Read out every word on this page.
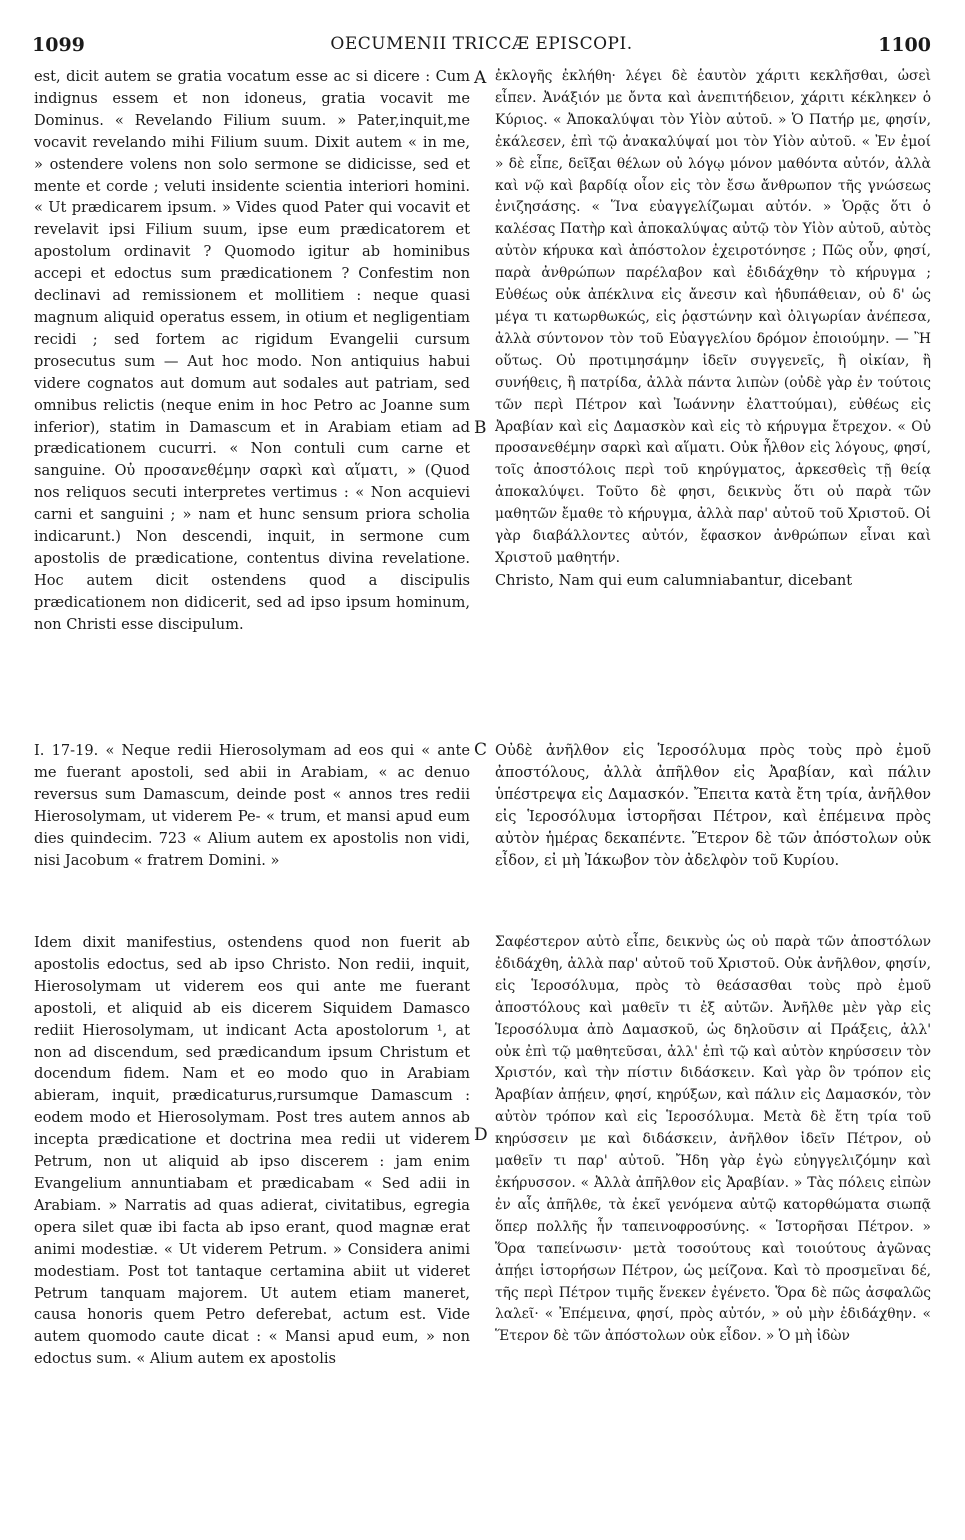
1099	OECUMENII TRICCÆ EPISCOPI.	1100
A
B
C
D

est, dicit autem se gratia vocatum esse ac si dicere : Cum indignus essem et non idoneus, gratia vocavit me Dominus. « Revelando Filium suum. » Pater,inquit,me vocavit revelando mihi Filium suum. Dixit autem « in me, » ostendere volens non solo sermone se didicisse, sed et mente et corde ; veluti insidente scientia interiori homini. « Ut prædicarem ipsum. » Vides quod Pater qui vocavit et revelavit ipsi Filium suum, ipse eum prædicatorem et apostolum ordinavit ? Quomodo igitur ab hominibus accepi et edoctus sum prædicationem ? Confestim non declinavi ad remissionem et mollitiem : neque quasi magnum aliquid operatus essem, in otium et negligentiam recidi ; sed fortem ac rigidum Evangelii cursum prosecutus sum — Aut hoc modo. Non antiquius habui videre cognatos aut domum aut sodales aut patriam, sed omnibus relictis (neque enim in hoc Petro ac Joanne sum inferior), statim in Damascum et in Arabiam etiam ad prædicationem cucurri. « Non contuli cum carne et sanguine. Οὐ προσανεθέμην σαρκὶ καὶ αἵματι, » (Quod nos reliquos secuti interpretes vertimus : « Non acquievi carni et sanguini ; » nam et hunc sensum priora scholia indicarunt.) Non descendi, inquit, in sermone cum apostolis de prædicatione, contentus divina revelatione. Hoc autem dicit ostendens quod a discipulis prædicationem non didicerit, sed ad ipso ipsum hominum, non Christi esse discipulum.

ἐκλογῆς ἐκλήθη· λέγει δὲ ἑαυτὸν χάριτι κεκλῆσθαι, ὡσεὶ εἶπεν. Ἀνάξιόν με ὄντα καὶ ἀνεπιτήδειον, χάριτι κέκληκεν ὁ Κύριος. « Ἀποκαλύψαι τὸν Υἱὸν αὐτοῦ. » Ὁ Πατήρ με, φησίν, ἐκάλεσεν, ἐπὶ τῷ ἀνακαλύψαί μοι τὸν Υἱὸν αὐτοῦ. « Ἐν ἐμοί » δὲ εἶπε, δεῖξαι θέλων οὐ λόγῳ μόνον μαθόντα αὐτόν, ἀλλὰ καὶ νῷ καὶ βαρδίᾳ οἷον εἰς τὸν ἔσω ἄνθρωπον τῆς γνώσεως ἐνιζησάσης. « Ἵνα εὐαγγελίζωμαι αὐτόν. » Ὁρᾷς ὅτι ὁ καλέσας Πατὴρ καὶ ἀποκαλύψας αὐτῷ τὸν Υἱὸν αὐτοῦ, αὐτὸς αὐτὸν κήρυκα καὶ ἀπόστολον ἐχειροτόνησε ; Πῶς οὖν, φησί, παρὰ ἀνθρώπων παρέλαβον καὶ ἐδιδάχθην τὸ κήρυγμα ; Εὐθέως οὐκ ἀπέκλινα εἰς ἄνεσιν καὶ ἡδυπάθειαν, οὐ δ' ὡς μέγα τι κατωρθωκώς, εἰς ῥᾳστώνην καὶ ὀλιγωρίαν ἀνέπεσα, ἀλλὰ σύντονον τὸν τοῦ Εὐαγγελίου δρόμον ἐποιούμην. — Ἢ οὕτως. Οὐ προτιμησάμην ἰδεῖν συγγενεῖς, ἢ οἰκίαν, ἢ συνήθεις, ἢ πατρίδα, ἀλλὰ πάντα λιπὼν (οὐδὲ γὰρ ἐν τούτοις τῶν περὶ Πέτρον καὶ Ἰωάννην ἐλαττούμαι), εὐθέως εἰς Ἀραβίαν καὶ εἰς Δαμασκὸν καὶ εἰς τὸ κήρυγμα ἔτρεχον. « Οὐ προσανεθέμην σαρκὶ καὶ αἵματι. Οὐκ ἦλθον εἰς λόγους, φησί, τοῖς ἀποστόλοις περὶ τοῦ κηρύγματος, ἀρκεσθεὶς τῇ θείᾳ ἀποκαλύψει. Τοῦτο δὲ φησι, δεικνὺς ὅτι οὐ παρὰ τῶν μαθητῶν ἔμαθε τὸ κήρυγμα, ἀλλὰ παρ' αὐτοῦ τοῦ Χριστοῦ. Οἱ γὰρ διαβάλλοντες αὐτόν, ἔφασκον ἀνθρώπων εἶναι καὶ Χριστοῦ μαθητήν.

Christo, Nam qui eum calumniabantur, dicebant

I. 17-19. « Neque redii Hierosolymam ad eos qui « ante me fuerant apostoli, sed abii in Arabiam, « ac denuo reversus sum Damascum, deinde post « annos tres redii Hierosolymam, ut viderem Pe- « trum, et mansi apud eum dies quindecim. 723 « Alium autem ex apostolis non vidi, nisi Jacobum « fratrem Domini. »

Οὐδὲ ἀνῆλθον εἰς Ἱεροσόλυμα πρὸς τοὺς πρὸ ἐμοῦ ἀποστόλους, ἀλλὰ ἀπῆλθον εἰς Ἀραβίαν, καὶ πάλιν ὑπέστρεψα εἰς Δαμασκόν. Ἔπειτα κατὰ ἔτη τρία, ἀνῆλθον εἰς Ἱεροσόλυμα ἱστορῆσαι Πέτρον, καὶ ἐπέμεινα πρὸς αὐτὸν ἡμέρας δεκαπέντε. Ἕτερον δὲ τῶν ἀπόστολων οὐκ εἶδον, εἰ μὴ Ἰάκωβον τὸν ἀδελφὸν τοῦ Κυρίου.

Idem dixit manifestius, ostendens quod non fuerit ab apostolis edoctus, sed ab ipso Christo. Non redii, inquit, Hierosolymam ut viderem eos qui ante me fuerant apostoli, et aliquid ab eis dicerem Siquidem Damasco rediit Hierosolymam, ut indicant Acta apostolorum ¹, at non ad discendum, sed prædicandum ipsum Christum et docendum fidem. Nam et eo modo quo in Arabiam abieram, inquit, prædicaturus,rursumque Damascum : eodem modo et Hierosolymam. Post tres autem annos ab incepta prædicatione et doctrina mea redii ut viderem Petrum, non ut aliquid ab ipso discerem : jam enim Evangelium annuntiabam et prædicabam « Sed adii in Arabiam. » Narratis ad quas adierat, civitatibus, egregia opera silet quæ ibi facta ab ipso erant, quod magnæ erat animi modestiæ. « Ut viderem Petrum. » Considera animi modestiam. Post tot tantaque certamina abiit ut videret Petrum tanquam majorem. Ut autem etiam maneret, causa honoris quem Petro deferebat, actum est. Vide autem quomodo caute dicat : « Mansi apud eum, » non edoctus sum. « Alium autem ex apostolis

Σαφέστερον αὐτὸ εἶπε, δεικνὺς ὡς οὐ παρὰ τῶν ἀποστόλων ἐδιδάχθη, ἀλλὰ παρ' αὐτοῦ τοῦ Χριστοῦ. Οὐκ ἀνῆλθον, φησίν, εἰς Ἱεροσόλυμα, πρὸς τὸ θεάσασθαι τοὺς πρὸ ἐμοῦ ἀποστόλους καὶ μαθεῖν τι ἐξ αὐτῶν. Ἀνῆλθε μὲν γὰρ εἰς Ἱεροσόλυμα ἀπὸ Δαμασκοῦ, ὡς δηλοῦσιν αἱ Πράξεις, ἀλλ' οὐκ ἐπὶ τῷ μαθητεῦσαι, ἀλλ' ἐπὶ τῷ καὶ αὐτὸν κηρύσσειν τὸν Χριστόν, καὶ τὴν πίστιν διδάσκειν. Καὶ γὰρ ὃν τρόπον εἰς Ἀραβίαν ἀπῄειν, φησί, κηρύξων, καὶ πάλιν εἰς Δαμασκόν, τὸν αὐτὸν τρόπον καὶ εἰς Ἱεροσόλυμα. Μετὰ δὲ ἔτη τρία τοῦ κηρύσσειν με καὶ διδάσκειν, ἀνῆλθον ἰδεῖν Πέτρον, οὐ μαθεῖν τι παρ' αὐτοῦ. Ἤδη γὰρ ἐγὼ εὐηγγελιζόμην καὶ ἐκήρυσσον. « Ἀλλὰ ἀπῆλθον εἰς Ἀραβίαν. » Τὰς πόλεις εἰπὼν ἐν αἷς ἀπῆλθε, τὰ ἐκεῖ γενόμενα αὐτῷ κατορθώματα σιωπᾷ ὅπερ πολλῆς ἦν ταπεινοφροσύνης. « Ἱστορῆσαι Πέτρον. » Ὅρα ταπείνωσιν· μετὰ τοσούτους καὶ τοιούτους ἀγῶνας ἀπῄει ἱστορήσων Πέτρον, ὡς μείζονα. Καὶ τὸ προσμεῖναι δέ, τῆς περὶ Πέτρον τιμῆς ἕνεκεν ἐγένετο. Ὅρα δὲ πῶς ἀσφαλῶς λαλεῖ· « Ἐπέμεινα, φησί, πρὸς αὐτόν, » οὐ μὴν ἐδιδάχθην. « Ἕτερον δὲ τῶν ἀπόστολων οὐκ εἶδον. » Ὁ μὴ ἰδὼν
